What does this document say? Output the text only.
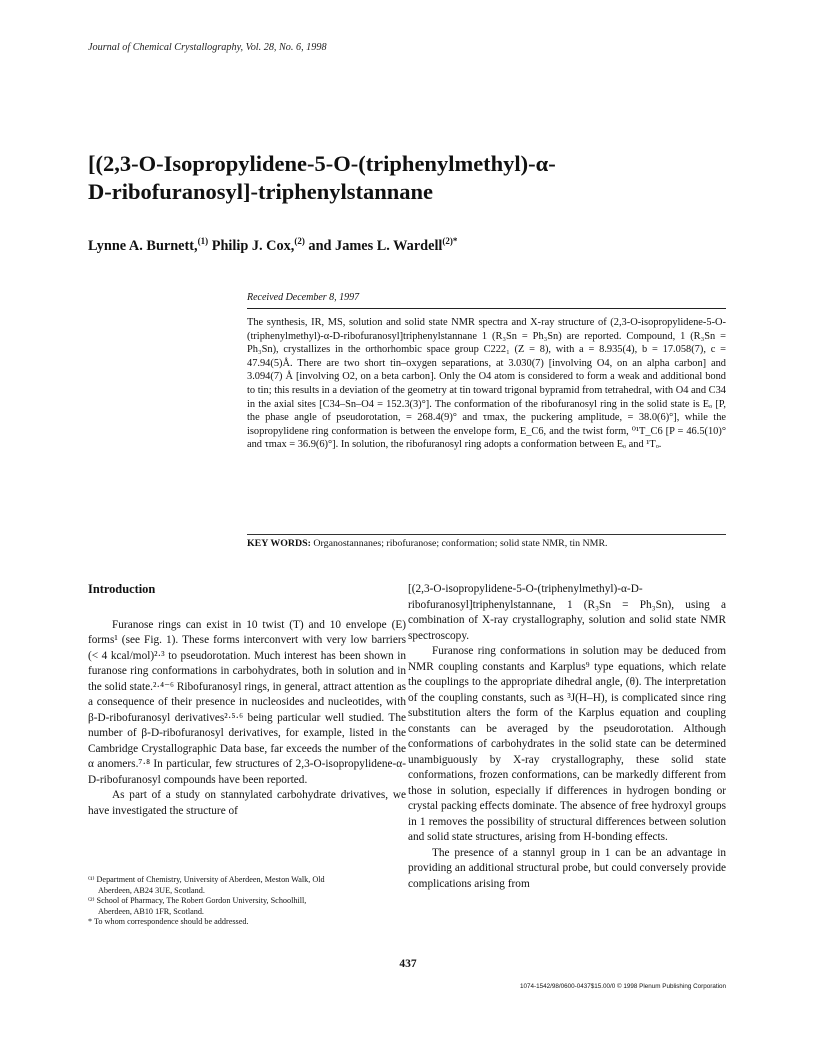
Journal of Chemical Crystallography, Vol. 28, No. 6, 1998
[(2,3-O-Isopropylidene-5-O-(triphenylmethyl)-α-
D-ribofuranosyl]-triphenylstannane
Lynne A. Burnett,$^{(1)}$ Philip J. Cox,$^{(2)}$ and James L. Wardell$^{(2)*}$
Received December 8, 1997

The synthesis, IR, MS, solution and solid state NMR spectra and X-ray structure of (2,3-O-isopropylidene-5-O-(triphenylmethyl)-α-D-ribofuranosyl]triphenylstannane 1 (R₃Sn = Ph₃Sn) are reported. Compound, 1 (R₃Sn = Ph₃Sn), crystallizes in the orthorhombic space group C222₁ (Z = 8), with a = 8.935(4), b = 17.058(7), c = 47.94(5)Å. There are two short tin–oxygen separations, at 3.030(7) [involving O4, on an alpha carbon] and 3.094(7) Å [involving O2, on a beta carbon]. Only the O4 atom is considered to form a weak and additional bond to tin; this results in a deviation of the geometry at tin toward trigonal bypramid from tetrahedral, with O4 and C34 in the axial sites [C34–Sn–O4 = 152.3(3)°]. The conformation of the ribofuranosyl ring in the solid state is Eₒ [P, the phase angle of pseudorotation, = 268.4(9)° and τmax, the puckering amplitude, = 38.0(6)°], while the isopropylidene ring conformation is between the envelope form, E_C6, and the twist form, ⁰¹T_C6 [P = 46.5(10)° and τmax = 36.9(6)°]. In solution, the ribofuranosyl ring adopts a conformation between Eₒ and ¹Tₒ.

KEY WORDS: Organostannanes; ribofuranose; conformation; solid state NMR, tin NMR.
Introduction

Furanose rings can exist in 10 twist (T) and 10 envelope (E) forms¹ (see Fig. 1). These forms interconvert with very low barriers (< 4 kcal/mol)²·³ to pseudorotation. Much interest has been shown in furanose ring conformations in carbohydrates, both in solution and in the solid state.²·⁴⁻⁶ Ribofuranosyl rings, in general, attract attention as a consequence of their presence in nucleosides and nucleotides, with β-D-ribofuranosyl derivatives²·⁵·⁶ being particular well studied. The number of β-D-ribofuranosyl derivatives, for example, listed in the Cambridge Crystallographic Data base, far exceeds the number of the α anomers.⁷·⁸ In particular, few structures of 2,3-O-isopropylidene-α-D-ribofuranosyl compounds have been reported.

As part of a study on stannylated carbohydrate drivatives, we have investigated the structure of

[(2,3-O-isopropylidene-5-O-(triphenylmethyl)-α-D-ribofuranosyl]triphenylstannane, 1 (R₃Sn = Ph₃Sn), using a combination of X-ray crystallography, solution and solid state NMR spectroscopy.

Furanose ring conformations in solution may be deduced from NMR coupling constants and Karplus⁹ type equations, which relate the couplings to the appropriate dihedral angle, (θ). The interpretation of the coupling constants, such as ³J(H–H), is complicated since ring substitution alters the form of the Karplus equation and coupling constants can be averaged by the pseudorotation. Although conformations of carbohydrates in the solid state can be determined unambiguously by X-ray crystallography, these solid state conformations, frozen conformations, can be markedly different from those in solution, especially if differences in hydrogen bonding or crystal packing effects dominate. The absence of free hydroxyl groups in 1 removes the possibility of structural differences between solution and solid state structures, arising from H-bonding effects.

The presence of a stannyl group in 1 can be an advantage in providing an additional structural probe, but could conversely provide complications arising from

⁽¹⁾ Department of Chemistry, University of Aberdeen, Meston Walk, Old Aberdeen, AB24 3UE, Scotland.

⁽²⁾ School of Pharmacy, The Robert Gordon University, Schoolhill, Aberdeen, AB10 1FR, Scotland.

* To whom correspondence should be addressed.

437
1074-1542/98/0600-0437$15.00/0 © 1998 Plenum Publishing Corporation
